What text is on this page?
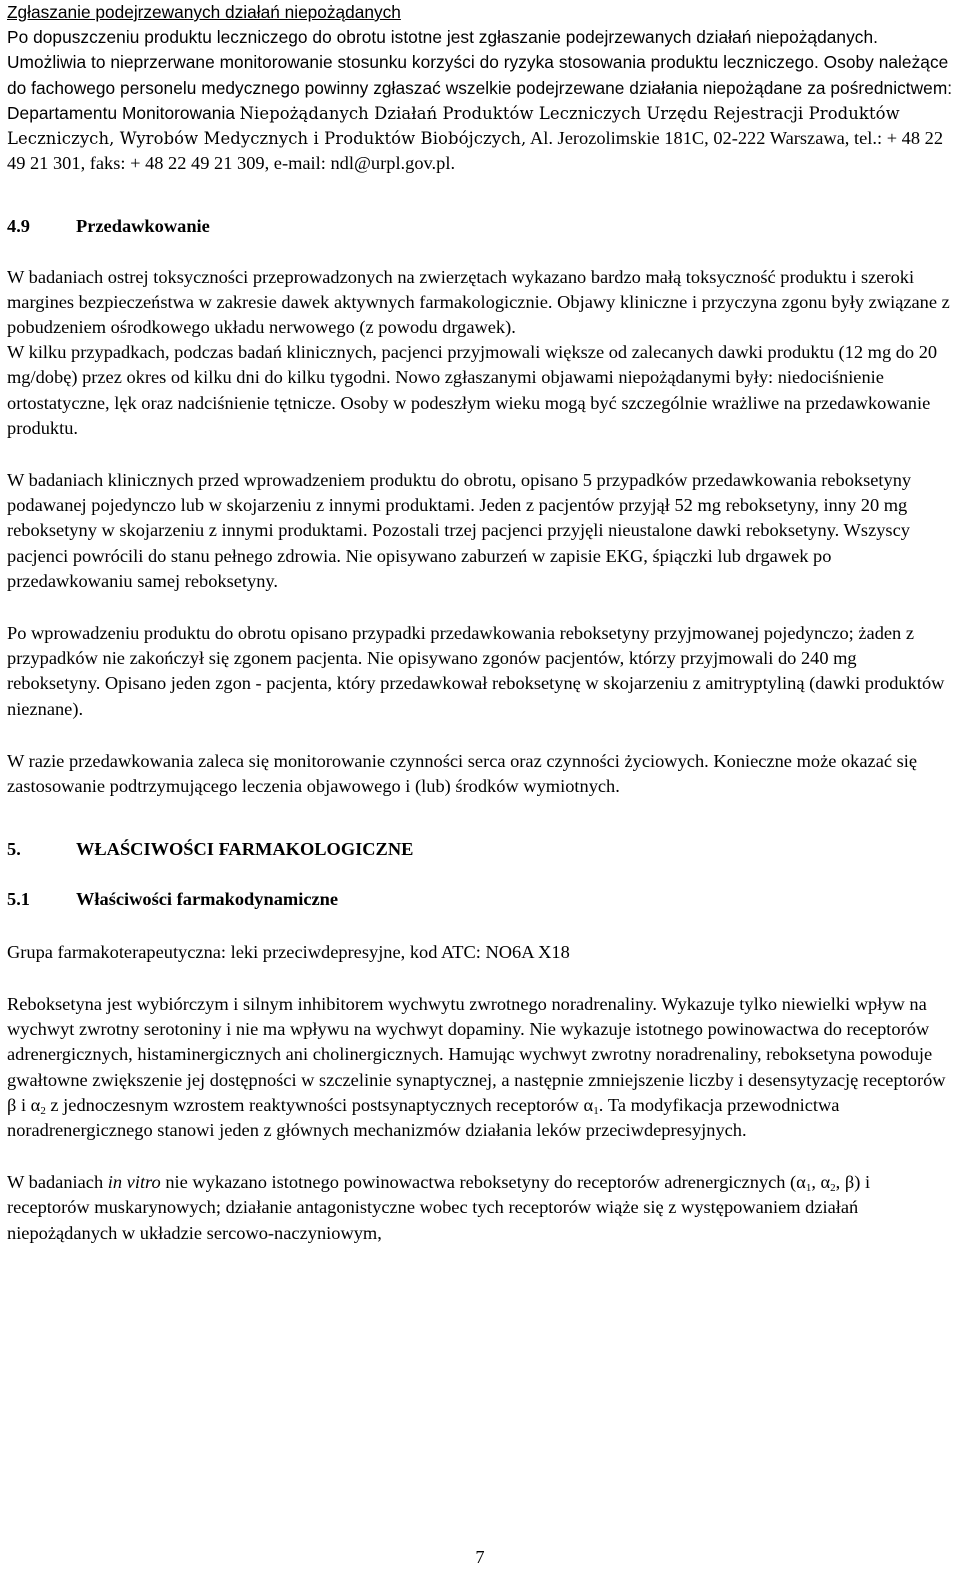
Zgłaszanie podejrzewanych działań niepożądanych

Po dopuszczeniu produktu leczniczego do obrotu istotne jest zgłaszanie podejrzewanych działań niepożądanych. Umożliwia to nieprzerwane monitorowanie stosunku korzyści do ryzyka stosowania produktu leczniczego. Osoby należące do fachowego personelu medycznego powinny zgłaszać wszelkie podejrzewane działania niepożądane za pośrednictwem: Departamentu Monitorowania Niepożądanych Działań Produktów Leczniczych Urzędu Rejestracji Produktów Leczniczych, Wyrobów Medycznych i Produktów Biobójczych, Al. Jerozolimskie 181C, 02-222 Warszawa, tel.: + 48 22 49 21 301, faks: + 48 22 49 21 309, e-mail: ndl@urpl.gov.pl.

4.9	Przedawkowanie

W badaniach ostrej toksyczności przeprowadzonych na zwierzętach wykazano bardzo małą toksyczność produktu i szeroki margines bezpieczeństwa w zakresie dawek aktywnych farmakologicznie. Objawy kliniczne i przyczyna zgonu były związane z pobudzeniem ośrodkowego układu nerwowego (z powodu drgawek).

W kilku przypadkach, podczas badań klinicznych, pacjenci przyjmowali większe od zalecanych dawki produktu (12 mg do 20 mg/dobę) przez okres od kilku dni do kilku tygodni. Nowo zgłaszanymi objawami niepożądanymi były: niedociśnienie ortostatyczne, lęk oraz nadciśnienie tętnicze. Osoby w podeszłym wieku mogą być szczególnie wrażliwe na przedawkowanie produktu.

W badaniach klinicznych przed wprowadzeniem produktu do obrotu, opisano 5 przypadków przedawkowania reboksetyny podawanej pojedynczo lub w skojarzeniu z innymi produktami. Jeden z pacjentów przyjął 52 mg reboksetyny, inny 20 mg reboksetyny w skojarzeniu z innymi produktami. Pozostali trzej pacjenci przyjęli nieustalone dawki reboksetyny. Wszyscy pacjenci powrócili do stanu pełnego zdrowia. Nie opisywano zaburzeń w zapisie EKG, śpiączki lub drgawek po przedawkowaniu samej reboksetyny.

Po wprowadzeniu produktu do obrotu opisano przypadki przedawkowania reboksetyny przyjmowanej pojedynczo; żaden z przypadków nie zakończył się zgonem pacjenta. Nie opisywano zgonów pacjentów, którzy przyjmowali do 240 mg reboksetyny. Opisano jeden zgon - pacjenta, który przedawkował reboksetynę w skojarzeniu z amitryptyliną (dawki produktów nieznane).

W razie przedawkowania zaleca się monitorowanie czynności serca oraz czynności życiowych. Konieczne może okazać się zastosowanie podtrzymującego leczenia objawowego i (lub) środków wymiotnych.

5.	WŁAŚCIWOŚCI FARMAKOLOGICZNE
5.1	Właściwości farmakodynamiczne

Grupa farmakoterapeutyczna: leki przeciwdepresyjne, kod ATC: NO6A X18

Reboksetyna jest wybiórczym i silnym inhibitorem wychwytu zwrotnego noradrenaliny. Wykazuje tylko niewielki wpływ na wychwyt zwrotny serotoniny i nie ma wpływu na wychwyt dopaminy. Nie wykazuje istotnego powinowactwa do receptorów adrenergicznych, histaminergicznych ani cholinergicznych. Hamując wychwyt zwrotny noradrenaliny, reboksetyna powoduje gwałtowne zwiększenie jej dostępności w szczelinie synaptycznej, a następnie zmniejszenie liczby i desensytyzację receptorów β i $\alpha_2$ z jednoczesnym wzrostem reaktywności postsynaptycznych receptorów $\alpha_1$. Ta modyfikacja przewodnictwa noradrenergicznego stanowi jeden z głównych mechanizmów działania leków przeciwdepresyjnych.

W badaniach in vitro nie wykazano istotnego powinowactwa reboksetyny do receptorów adrenergicznych ($\alpha_1$, $\alpha_2$, β) i receptorów muskarynowych; działanie antagonistyczne wobec tych receptorów wiąże się z występowaniem działań niepożądanych w układzie sercowo-naczyniowym,

7
